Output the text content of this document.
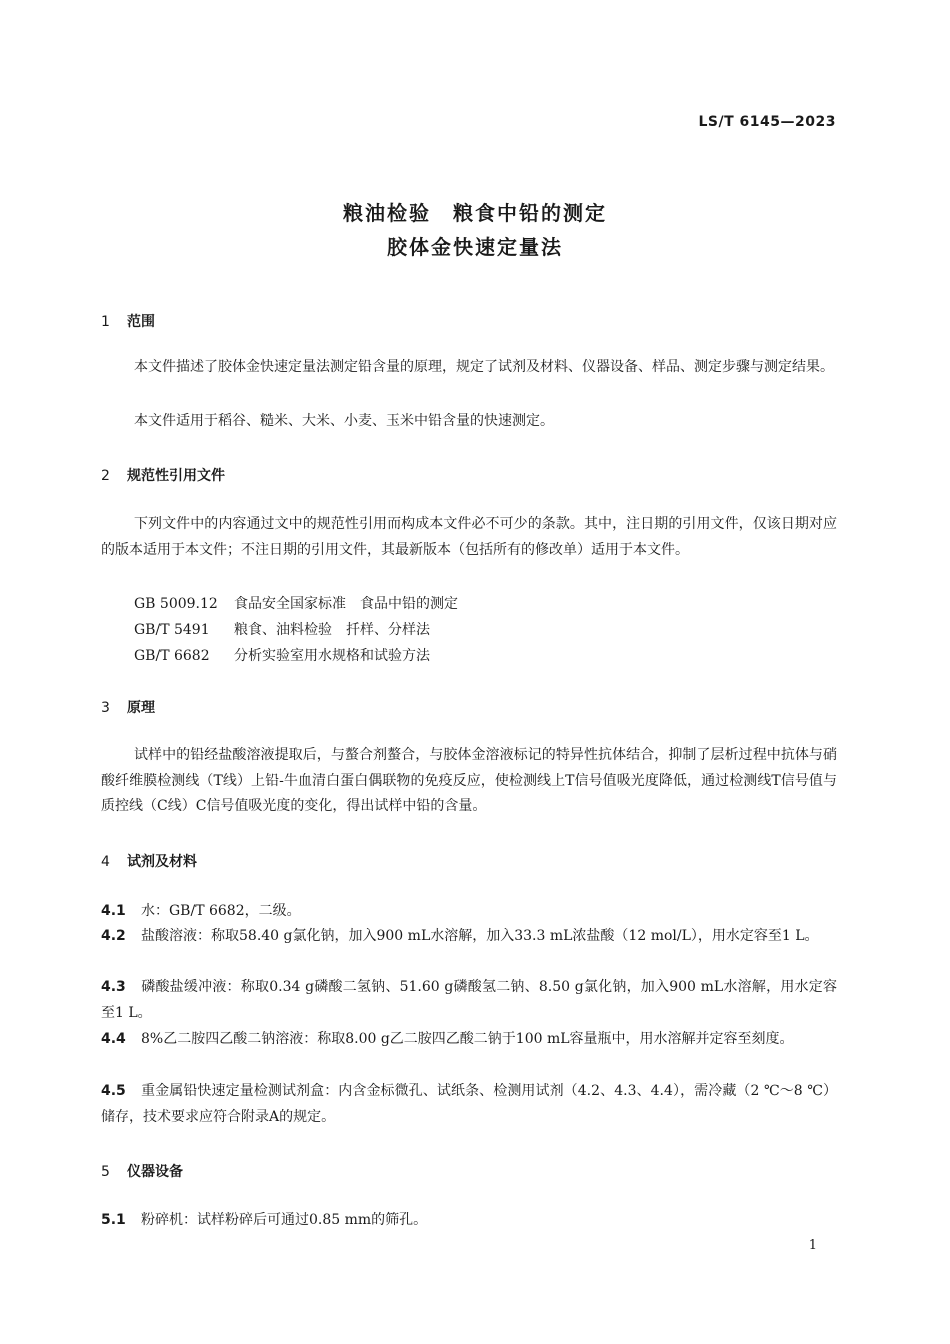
LS/T 6145—2023
粮油检验　粮食中铅的测定
胶体金快速定量法
1 范围
本文件描述了胶体金快速定量法测定铅含量的原理，规定了试剂及材料、仪器设备、样品、测定步骤与测定结果。
本文件适用于稻谷、糙米、大米、小麦、玉米中铅含量的快速测定。
2 规范性引用文件
下列文件中的内容通过文中的规范性引用而构成本文件必不可少的条款。其中，注日期的引用文件，仅该日期对应的版本适用于本文件；不注日期的引用文件，其最新版本（包括所有的修改单）适用于本文件。
GB 5009.12 食品安全国家标准　食品中铅的测定
GB/T 5491 粮食、油料检验　扦样、分样法
GB/T 6682 分析实验室用水规格和试验方法
3 原理
试样中的铅经盐酸溶液提取后，与螯合剂螯合，与胶体金溶液标记的特异性抗体结合，抑制了层析过程中抗体与硝酸纤维膜检测线（T线）上铅-牛血清白蛋白偶联物的免疫反应，使检测线上T信号值吸光度降低，通过检测线T信号值与质控线（C线）C信号值吸光度的变化，得出试样中铅的含量。
4 试剂及材料
4.1 水：GB/T 6682，二级。
4.2 盐酸溶液：称取58.40 g氯化钠，加入900 mL水溶解，加入33.3 mL浓盐酸（12 mol/L），用水定容至1 L。
4.3 磷酸盐缓冲液：称取0.34 g磷酸二氢钠、51.60 g磷酸氢二钠、8.50 g氯化钠，加入900 mL水溶解，用水定容至1 L。
4.4 8%乙二胺四乙酸二钠溶液：称取8.00 g乙二胺四乙酸二钠于100 mL容量瓶中，用水溶解并定容至刻度。
4.5 重金属铅快速定量检测试剂盒：内含金标微孔、试纸条、检测用试剂（4.2、4.3、4.4），需冷藏（2 ℃～8 ℃）储存，技术要求应符合附录A的规定。
5 仪器设备
5.1 粉碎机：试样粉碎后可通过0.85 mm的筛孔。
1
